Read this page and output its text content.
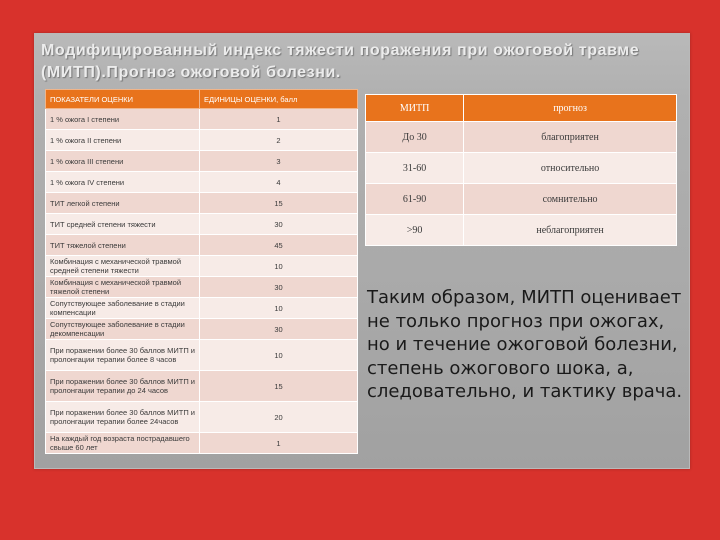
Модифицированный индекс тяжести поражения при ожоговой травме (МИТП).Прогноз ожоговой болезни.
ПОКАЗАТЕЛИ ОЦЕНКИ	ЕДИНИЦЫ ОЦЕНКИ, балл
1 % ожога I степени	1
1 % ожога II степени	2
1 % ожога III степени	3
1 % ожога IV степени	4
ТИТ легкой степени	15
ТИТ средней степени тяжести	30
ТИТ тяжелой степени	45
Комбинация с механической травмой средней степени тяжести	10
Комбинация с механической травмой тяжелой степени	30
Сопутствующее заболевание в стадии компенсации	10
Сопутствующее заболевание в стадии декомпенсации	30
При поражении более 30 баллов МИТП и пролонгации терапии более 8 часов	10
При поражении более 30 баллов МИТП и пролонгации терапии до 24 часов	15
При поражении более 30 баллов МИТП и пролонгации терапии более 24часов	20
На каждый год возраста пострадавшего свыше 60 лет	1
МИТП	прогноз
До 30	благоприятен
31-60	относительно
61-90	сомнительно
>90	неблагоприятен
Таким образом, МИТП оценивает не только прогноз при ожогах, но и течение ожоговой болезни, степень ожогового шока, а, следовательно, и тактику врача.
